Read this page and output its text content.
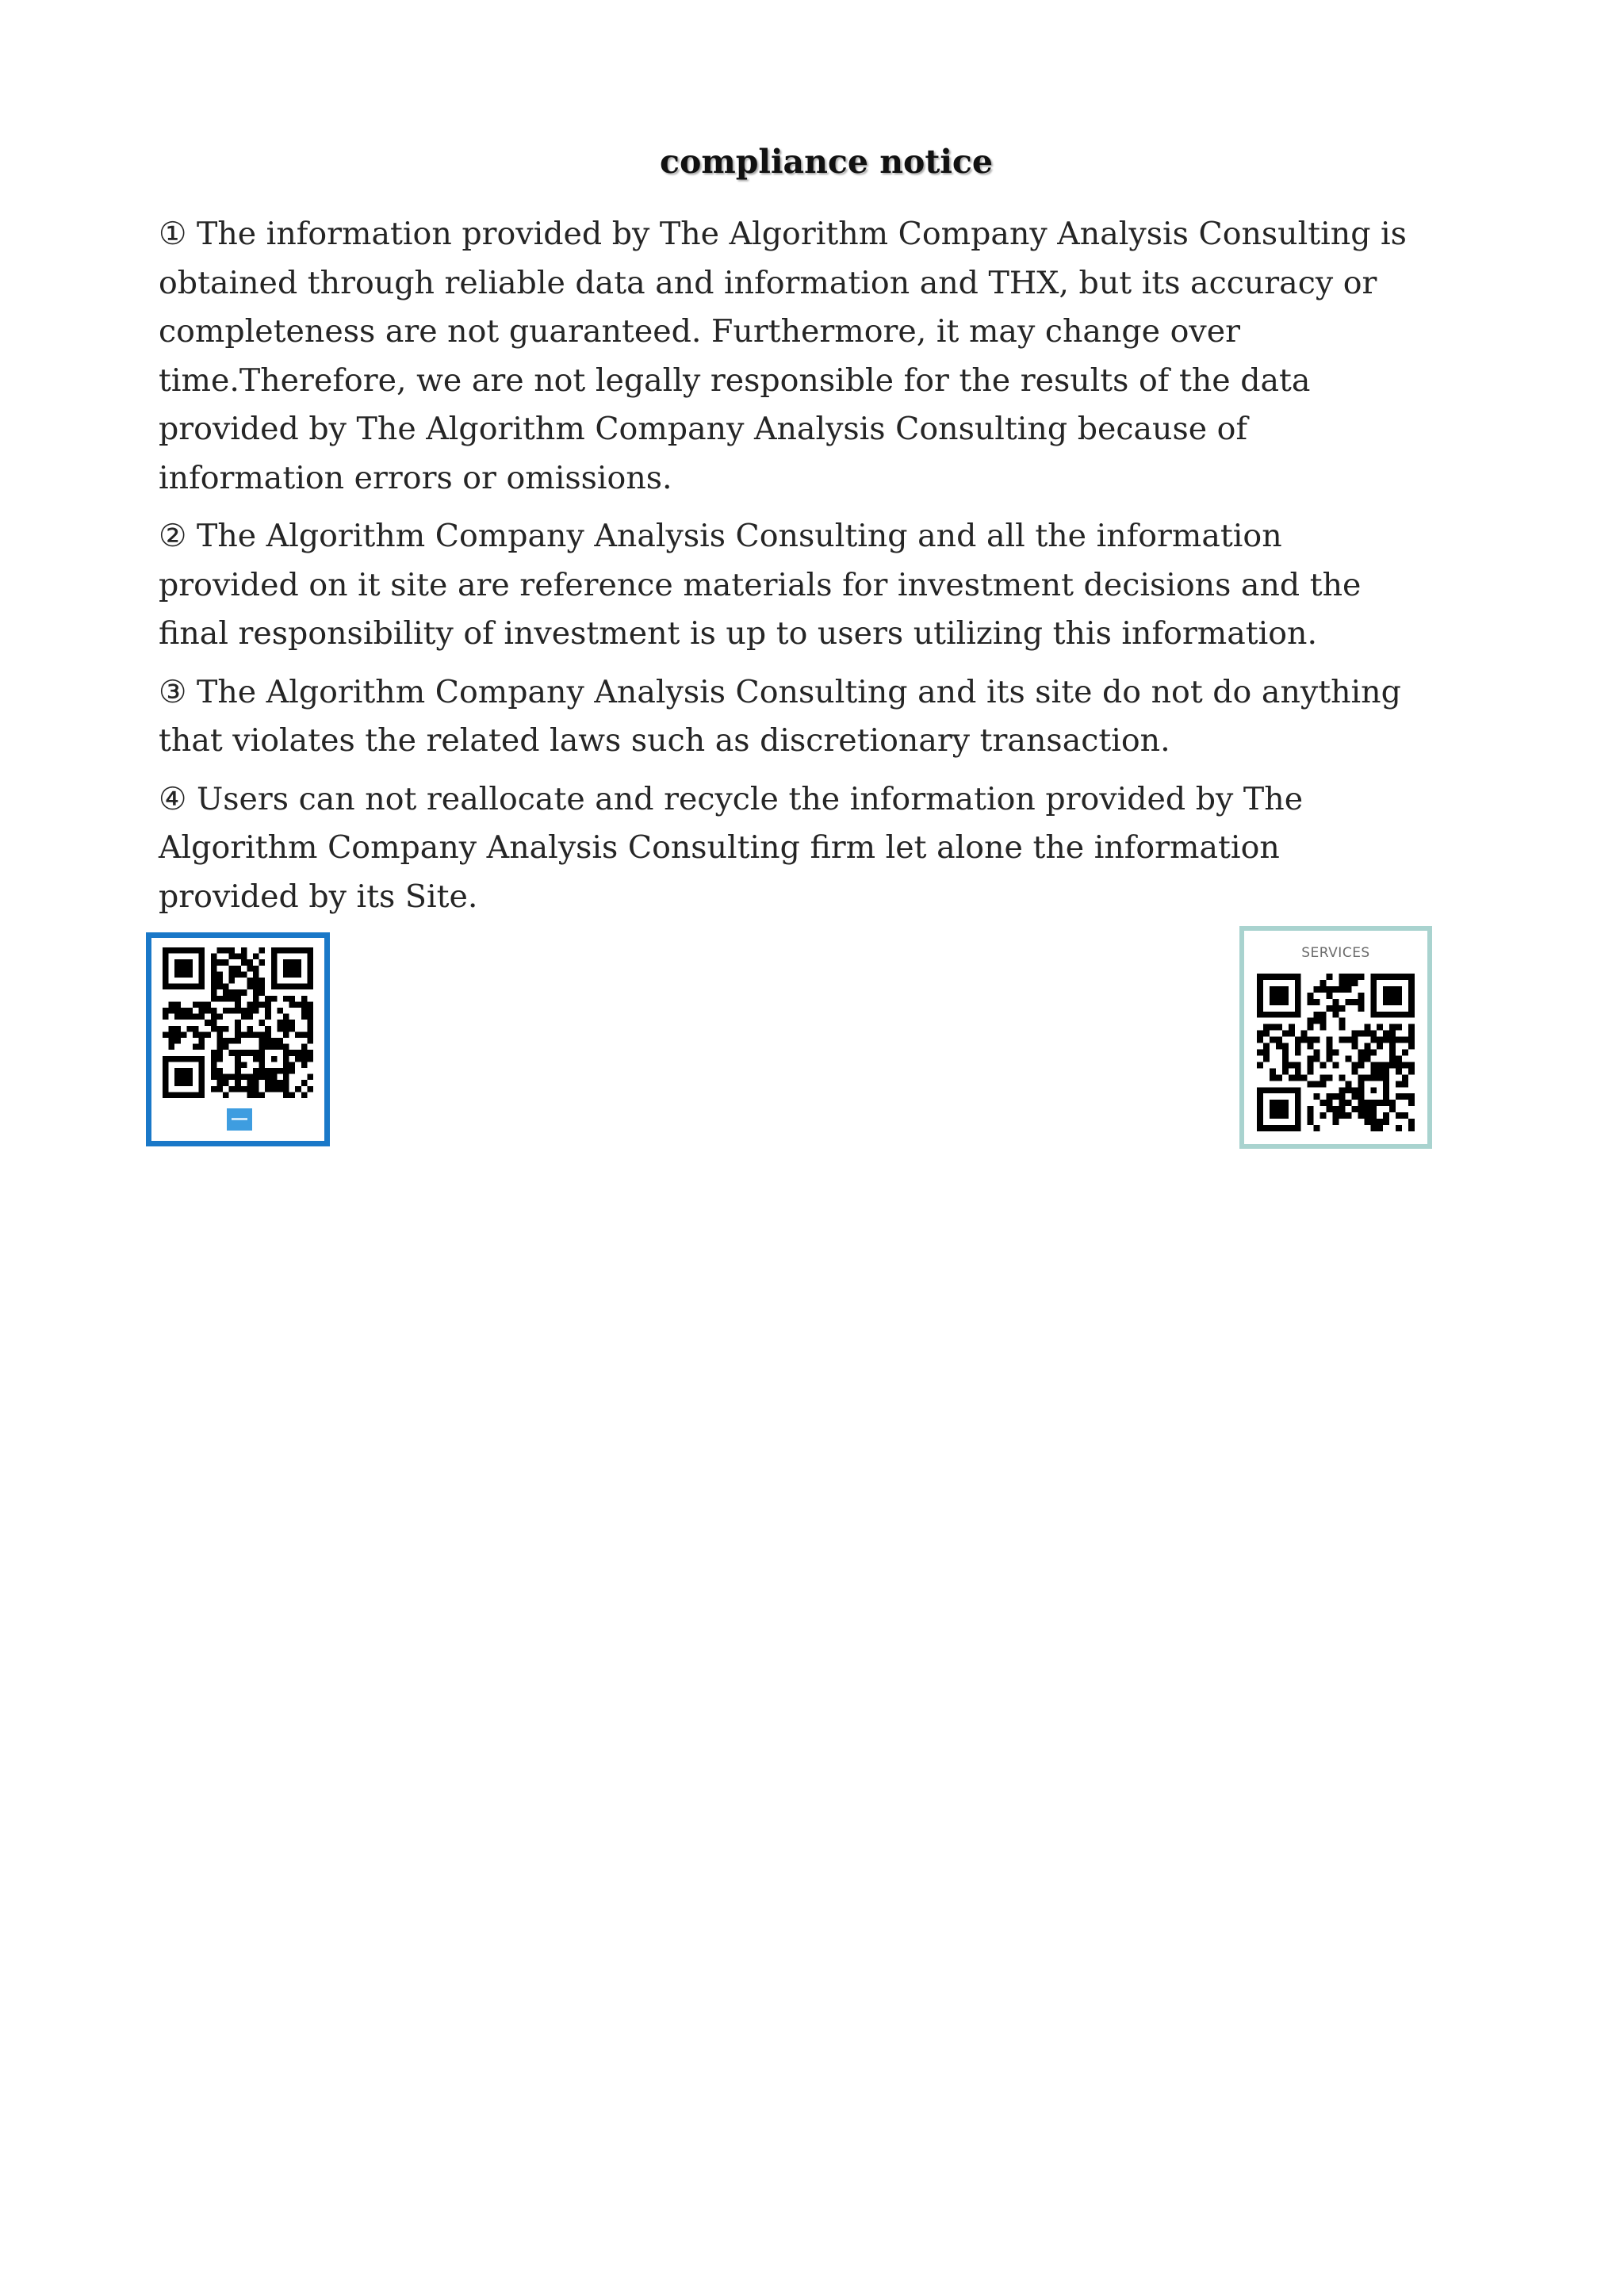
compliance notice

① The information provided by The Algorithm Company Analysis Consulting is obtained through reliable data and information and THX, but its accuracy or completeness are not guaranteed. Furthermore, it may change over time.Therefore, we are not legally responsible for the results of the data provided by The Algorithm Company Analysis Consulting because of information errors or omissions.

② The Algorithm Company Analysis Consulting and all the information provided on it site are reference materials for investment decisions and the final responsibility of investment is up to users utilizing this information.

③ The Algorithm Company Analysis Consulting and its site do not do anything that violates the related laws such as discretionary transaction.

④ Users can not reallocate and recycle the information provided by The Algorithm Company Analysis Consulting firm let alone the information provided by its Site.

SERVICES
